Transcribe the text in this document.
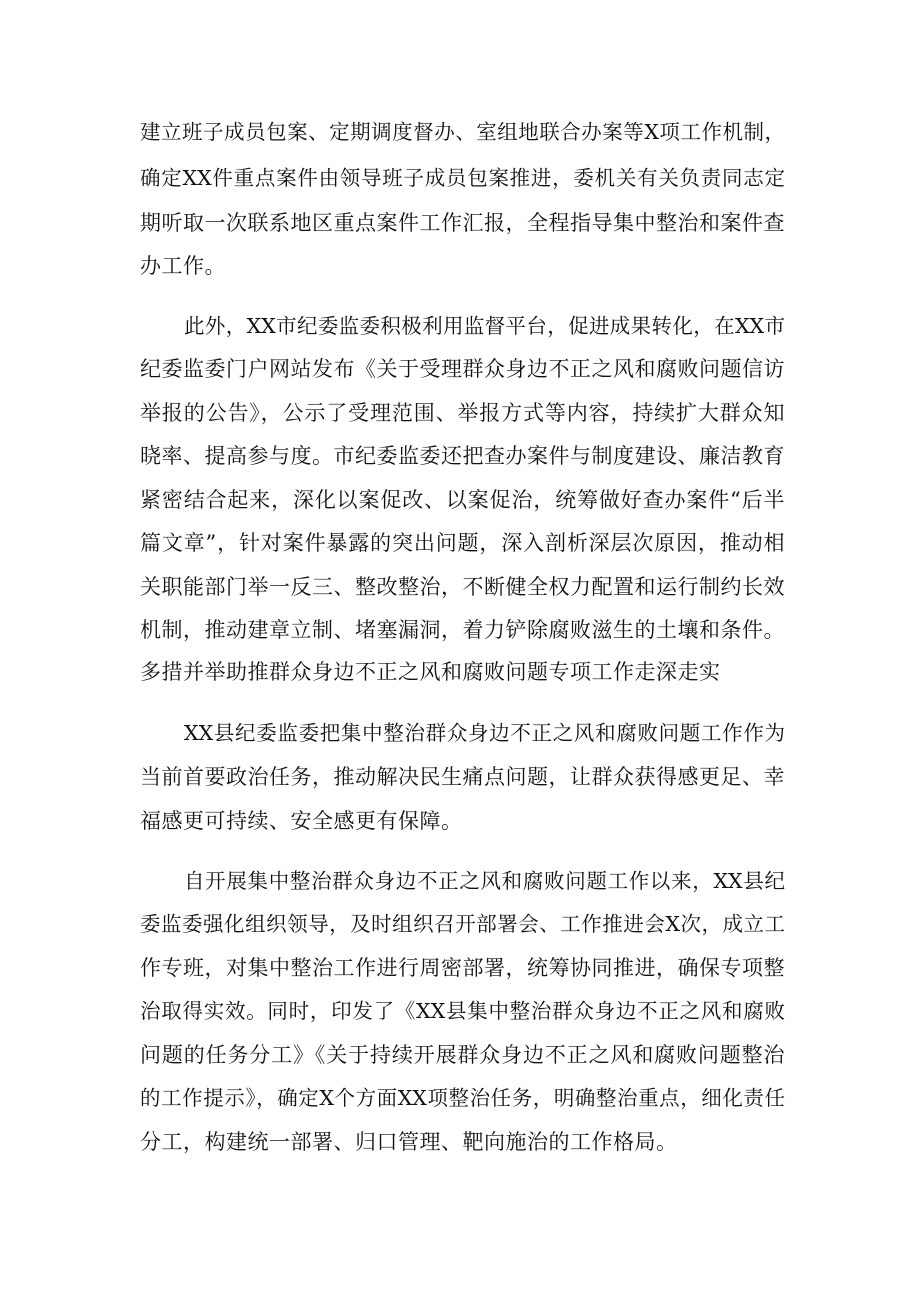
建立班子成员包案、定期调度督办、室组地联合办案等X项工作机制，
确定XX件重点案件由领导班子成员包案推进，委机关有关负责同志定
期听取一次联系地区重点案件工作汇报，全程指导集中整治和案件查
办工作。
此外，XX市纪委监委积极利用监督平台，促进成果转化，在XX市
纪委监委门户网站发布《关于受理群众身边不正之风和腐败问题信访
举报的公告》，公示了受理范围、举报方式等内容，持续扩大群众知
晓率、提高参与度。市纪委监委还把查办案件与制度建设、廉洁教育
紧密结合起来，深化以案促改、以案促治，统筹做好查办案件“后半
篇文章”，针对案件暴露的突出问题，深入剖析深层次原因，推动相
关职能部门举一反三、整改整治，不断健全权力配置和运行制约长效
机制，推动建章立制、堵塞漏洞，着力铲除腐败滋生的土壤和条件。
多措并举助推群众身边不正之风和腐败问题专项工作走深走实
XX县纪委监委把集中整治群众身边不正之风和腐败问题工作作为
当前首要政治任务，推动解决民生痛点问题，让群众获得感更足、幸
福感更可持续、安全感更有保障。
自开展集中整治群众身边不正之风和腐败问题工作以来，XX县纪
委监委强化组织领导，及时组织召开部署会、工作推进会X次，成立工
作专班，对集中整治工作进行周密部署，统筹协同推进，确保专项整
治取得实效。同时，印发了《XX县集中整治群众身边不正之风和腐败
问题的任务分工》《关于持续开展群众身边不正之风和腐败问题整治
的工作提示》，确定X个方面XX项整治任务，明确整治重点，细化责任
分工，构建统一部署、归口管理、靶向施治的工作格局。
